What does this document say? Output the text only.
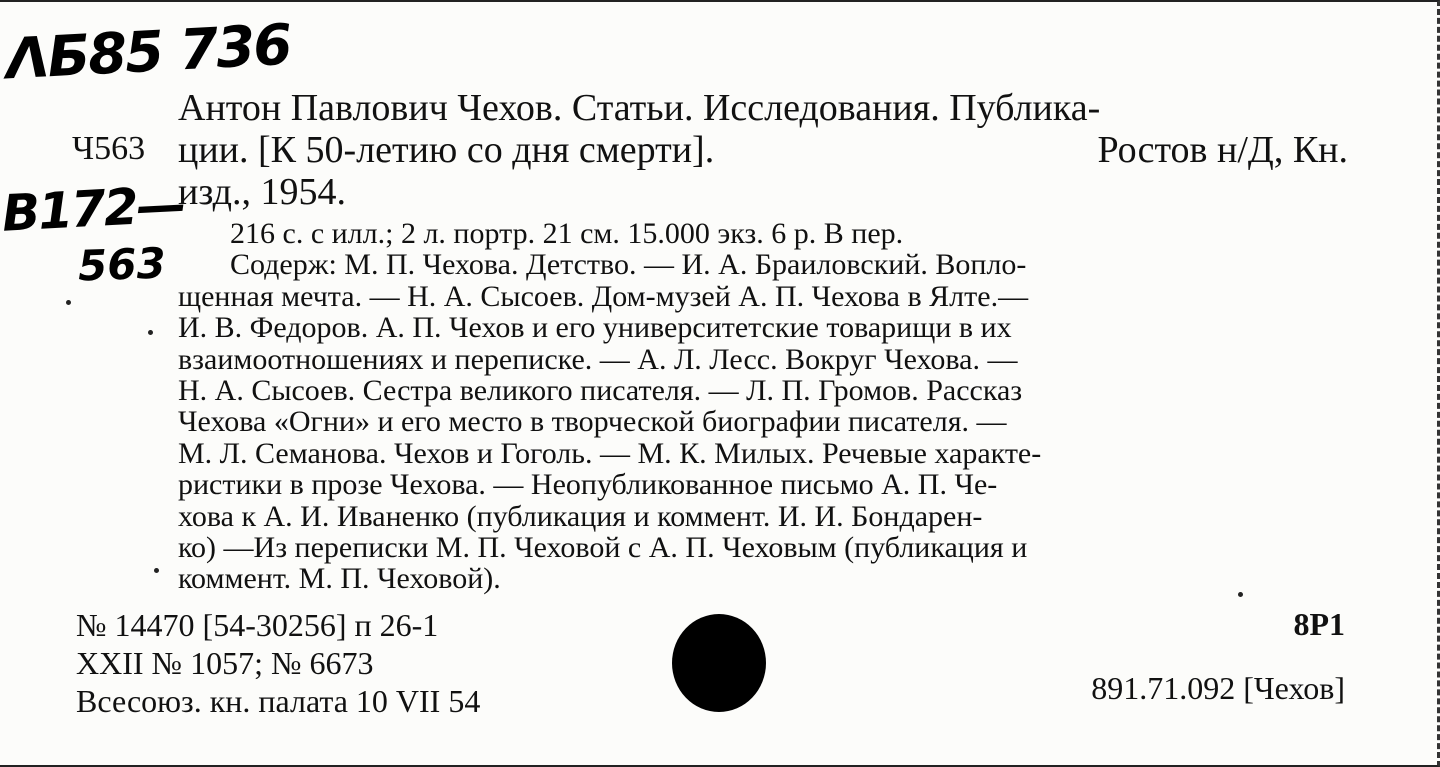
ΛБ85 736
В172—
563
Ч563
Антон Павлович Чехов. Статьи. Исследования. Публика-
ции. [К 50-летию со дня смерти].	Ростов н/Д, Кн.
изд., 1954.
216 с. с илл.; 2 л. портр. 21 см. 15.000 экз. 6 р. В пер.
Содерж: М. П. Чехова. Детство. — И. А. Браиловский. Вопло-
щенная мечта. — Н. А. Сысоев. Дом-музей А. П. Чехова в Ялте.—
И. В. Федоров. А. П. Чехов и его университетские товарищи в их
взаимоотношениях и переписке. — А. Л. Лесс. Вокруг Чехова. —
Н. А. Сысоев. Сестра великого писателя. — Л. П. Громов. Рассказ
Чехова «Огни» и его место в творческой биографии писателя. —
М. Л. Семанова. Чехов и Гоголь. — М. К. Милых. Речевые характе-
ристики в прозе Чехова. — Неопубликованное письмо А. П. Че-
хова к А. И. Иваненко (публикация и коммент. И. И. Бондарен-
ко) —Из переписки М. П. Чеховой с А. П. Чеховым (публикация и
коммент. М. П. Чеховой).
№ 14470 [54-30256] п 26-1
XXII № 1057; № 6673
Всесоюз. кн. палата 10 VII 54
8Р1
891.71.092 [Чехов]
